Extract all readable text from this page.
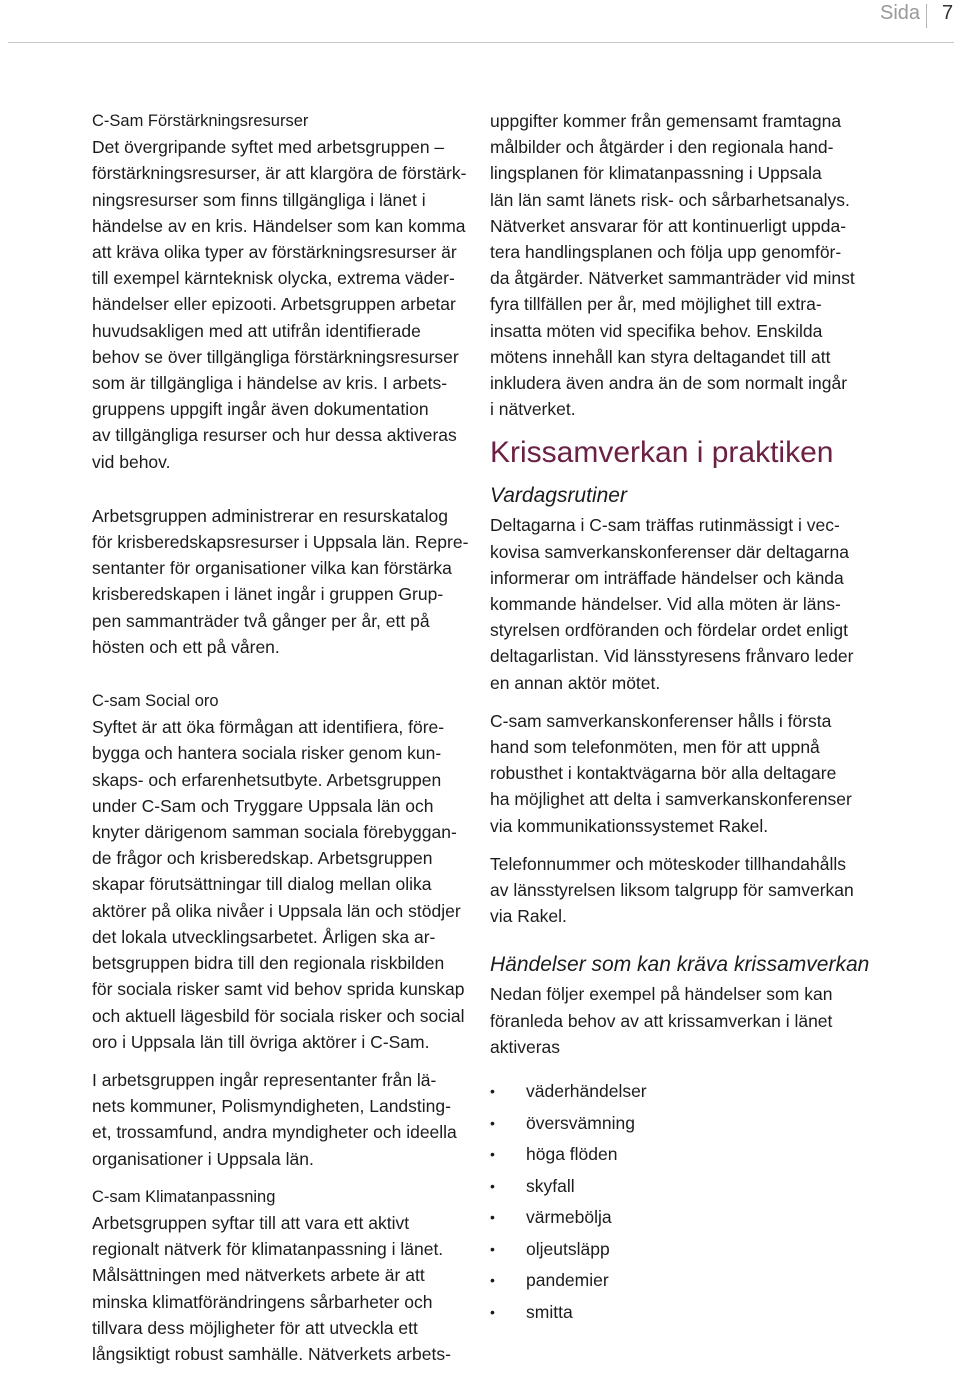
Sida 7
C-Sam Förstärkningsresurser
Det övergripande syftet med arbetsgruppen –
förstärkningsresurser, är att klargöra de förstärk-
ningsresurser som finns tillgängliga i länet i
händelse av en kris. Händelser som kan komma
att kräva olika typer av förstärkningsresurser är
till exempel kärnteknisk olycka, extrema väder-
händelser eller epizooti. Arbetsgruppen arbetar
huvudsakligen med att utifrån identifierade
behov se över tillgängliga förstärkningsresurser
som är tillgängliga i händelse av kris. I arbets-
gruppens uppgift ingår även dokumentation
av tillgängliga resurser och hur dessa aktiveras
vid behov.
Arbetsgruppen administrerar en resurskatalog
för krisberedskapsresurser i Uppsala län. Repre-
sentanter för organisationer vilka kan förstärka
krisberedskapen i länet ingår i gruppen Grup-
pen sammanträder två gånger per år, ett på
hösten och ett på våren.
C-sam Social oro
Syftet är att öka förmågan att identifiera, före-
bygga och hantera sociala risker genom kun-
skaps- och erfarenhetsutbyte. Arbetsgruppen
under C-Sam och Tryggare Uppsala län och
knyter därigenom samman sociala förebyggan-
de frågor och krisberedskap. Arbetsgruppen
skapar förutsättningar till dialog mellan olika
aktörer på olika nivåer i Uppsala län och stödjer
det lokala utvecklingsarbetet. Årligen ska ar-
betsgruppen bidra till den regionala riskbilden
för sociala risker samt vid behov sprida kunskap
och aktuell lägesbild för sociala risker och social
oro i Uppsala län till övriga aktörer i C-Sam.
I arbetsgruppen ingår representanter från lä-
nets kommuner, Polismyndigheten, Landsting-
et, trossamfund, andra myndigheter och ideella
organisationer i Uppsala län.
C-sam Klimatanpassning
Arbetsgruppen syftar till att vara ett aktivt
regionalt nätverk för klimatanpassning i länet.
Målsättningen med nätverkets arbete är att
minska klimatförändringens sårbarheter och
tillvara dess möjligheter för att utveckla ett
långsiktigt robust samhälle. Nätverkets arbets-
uppgifter kommer från gemensamt framtagna
målbilder och åtgärder i den regionala hand-
lingsplanen för klimatanpassning i Uppsala
län län samt länets risk- och sårbarhetsanalys.
Nätverket ansvarar för att kontinuerligt uppda-
tera handlingsplanen och följa upp genomför-
da åtgärder. Nätverket sammanträder vid minst
fyra tillfällen per år, med möjlighet till extra-
insatta möten vid specifika behov. Enskilda
mötens innehåll kan styra deltagandet till att
inkludera även andra än de som normalt ingår
i nätverket.
Krissamverkan i praktiken
Vardagsrutiner
Deltagarna i C-sam träffas rutinmässigt i vec-
kovisa samverkanskonferenser där deltagarna
informerar om inträffade händelser och kända
kommande händelser. Vid alla möten är läns-
styrelsen ordföranden och fördelar ordet enligt
deltagarlistan. Vid länsstyresens frånvaro leder
en annan aktör mötet.
C-sam samverkanskonferenser hålls i första
hand som telefonmöten, men för att uppnå
robusthet i kontaktvägarna bör alla deltagare
ha möjlighet att delta i samverkanskonferenser
via kommunikationssystemet Rakel.
Telefonnummer och möteskoder tillhandahålls
av länsstyrelsen liksom talgrupp för samverkan
via Rakel.
Händelser som kan kräva krissamverkan
Nedan följer exempel på händelser som kan
föranleda behov av att krissamverkan i länet
aktiveras
• väderhändelser
• översvämning
• höga flöden
• skyfall
• värmebölja
• oljeutsläpp
• pandemier
• smitta
